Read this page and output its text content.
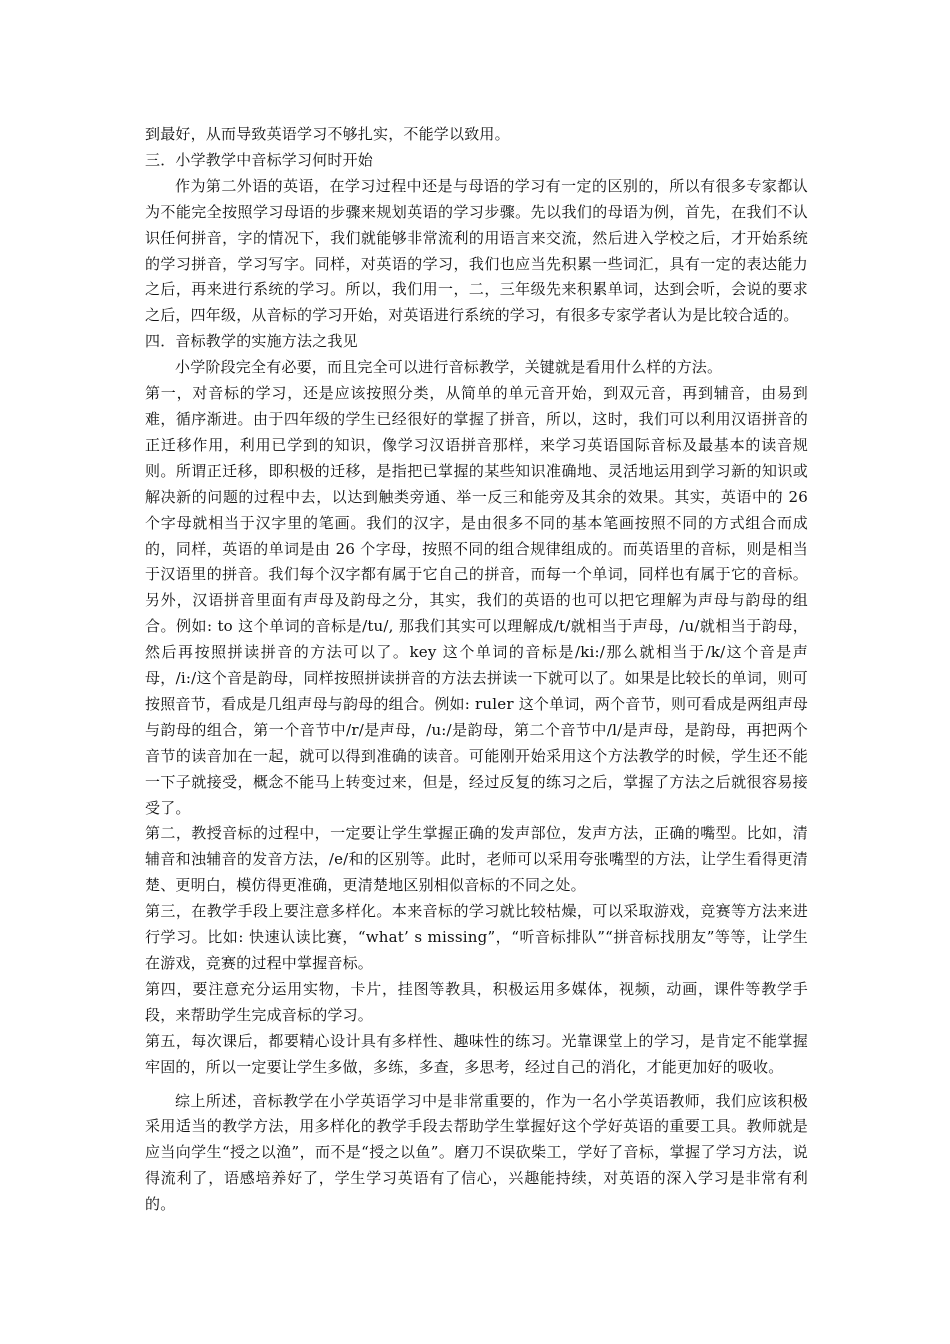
到最好，从而导致英语学习不够扎实，不能学以致用。

三．小学教学中音标学习何时开始

作为第二外语的英语，在学习过程中还是与母语的学习有一定的区别的，所以有很多专家都认为不能完全按照学习母语的步骤来规划英语的学习步骤。先以我们的母语为例，首先，在我们不认识任何拼音，字的情况下，我们就能够非常流利的用语言来交流，然后进入学校之后，才开始系统的学习拼音，学习写字。同样，对英语的学习，我们也应当先积累一些词汇，具有一定的表达能力之后，再来进行系统的学习。所以，我们用一，二，三年级先来积累单词，达到会听，会说的要求之后，四年级，从音标的学习开始，对英语进行系统的学习，有很多专家学者认为是比较合适的。

四．音标教学的实施方法之我见

小学阶段完全有必要，而且完全可以进行音标教学，关键就是看用什么样的方法。

第一，对音标的学习，还是应该按照分类，从简单的单元音开始，到双元音，再到辅音，由易到难，循序渐进。由于四年级的学生已经很好的掌握了拼音，所以，这时，我们可以利用汉语拼音的正迁移作用，利用已学到的知识，像学习汉语拼音那样，来学习英语国际音标及最基本的读音规则。所谓正迁移，即积极的迁移，是指把已掌握的某些知识准确地、灵活地运用到学习新的知识或解决新的问题的过程中去，以达到触类旁通、举一反三和能旁及其余的效果。其实，英语中的 26 个字母就相当于汉字里的笔画。我们的汉字，是由很多不同的基本笔画按照不同的方式组合而成的，同样，英语的单词是由 26 个字母，按照不同的组合规律组成的。而英语里的音标，则是相当于汉语里的拼音。我们每个汉字都有属于它自己的拼音，而每一个单词，同样也有属于它的音标。另外，汉语拼音里面有声母及韵母之分，其实，我们的英语的也可以把它理解为声母与韵母的组合。例如: to 这个单词的音标是/tu/, 那我们其实可以理解成/t/就相当于声母，/u/就相当于韵母，然后再按照拼读拼音的方法可以了。key 这个单词的音标是/ki:/那么就相当于/k/这个音是声母，/i:/这个音是韵母，同样按照拼读拼音的方法去拼读一下就可以了。如果是比较长的单词，则可按照音节，看成是几组声母与韵母的组合。例如: ruler 这个单词，两个音节，则可看成是两组声母与韵母的组合，第一个音节中/r/是声母，/u:/是韵母，第二个音节中/l/是声母，是韵母，再把两个音节的读音加在一起，就可以得到准确的读音。可能刚开始采用这个方法教学的时候，学生还不能一下子就接受，概念不能马上转变过来，但是，经过反复的练习之后，掌握了方法之后就很容易接受了。

第二，教授音标的过程中，一定要让学生掌握正确的发声部位，发声方法，正确的嘴型。比如，清辅音和浊辅音的发音方法，/e/和的区别等。此时，老师可以采用夸张嘴型的方法，让学生看得更清楚、更明白，模仿得更准确，更清楚地区别相似音标的不同之处。

第三，在教学手段上要注意多样化。本来音标的学习就比较枯燥，可以采取游戏，竞赛等方法来进行学习。比如: 快速认读比赛，“what’ s missing”，“听音标排队”“拼音标找朋友”等等，让学生在游戏，竞赛的过程中掌握音标。

第四，要注意充分运用实物，卡片，挂图等教具，积极运用多媒体，视频，动画，课件等教学手段，来帮助学生完成音标的学习。

第五，每次课后，都要精心设计具有多样性、趣味性的练习。光靠课堂上的学习，是肯定不能掌握牢固的，所以一定要让学生多做，多练，多查，多思考，经过自己的消化，才能更加好的吸收。

综上所述，音标教学在小学英语学习中是非常重要的，作为一名小学英语教师，我们应该积极采用适当的教学方法，用多样化的教学手段去帮助学生掌握好这个学好英语的重要工具。教师就是应当向学生“授之以渔”，而不是“授之以鱼”。磨刀不误砍柴工，学好了音标，掌握了学习方法，说得流利了，语感培养好了，学生学习英语有了信心，兴趣能持续，对英语的深入学习是非常有利的。
